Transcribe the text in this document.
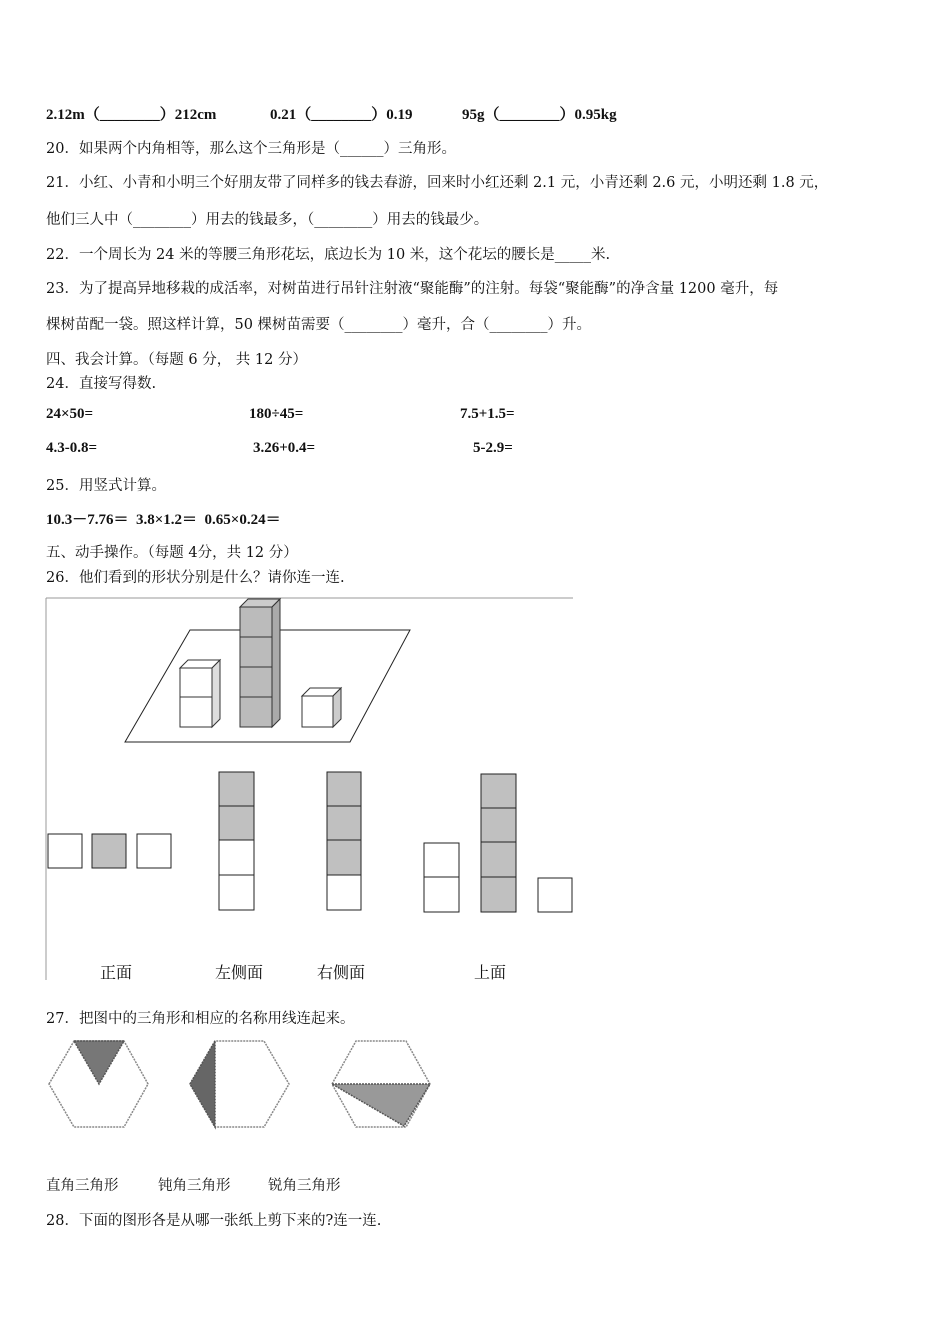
2.12m（________）212cm	0.21（________）0.19	95g（________）0.95kg
20．如果两个内角相等，那么这个三角形是（______）三角形。
21．小红、小青和小明三个好朋友带了同样多的钱去春游，回来时小红还剩 2.1 元，小青还剩 2.6 元，小明还剩 1.8 元，
他们三人中（________）用去的钱最多，（________）用去的钱最少。
22．一个周长为 24 米的等腰三角形花坛，底边长为 10 米，这个花坛的腰长是_____米.
23．为了提高异地移栽的成活率，对树苗进行吊针注射液“聚能酶”的注射。每袋“聚能酶”的净含量 1200 毫升，每
棵树苗配一袋。照这样计算，50 棵树苗需要（________）毫升，合（________）升。
四、我会计算。（每题 6 分， 共 12 分）
24．直接写得数.
24×50=	180÷45=	7.5+1.5=
4.3-0.8=	3.26+0.4=	5-2.9=
25．用竖式计算。
10.3－7.76＝  3.8×1.2＝  0.65×0.24＝
五、动手操作。（每题 4分，共 12 分）
26．他们看到的形状分别是什么？请你连一连.
正面	左侧面	右侧面	上面
27．把图中的三角形和相应的名称用线连起来。
直角三角形	钝角三角形	锐角三角形
28．下面的图形各是从哪一张纸上剪下来的?连一连.
